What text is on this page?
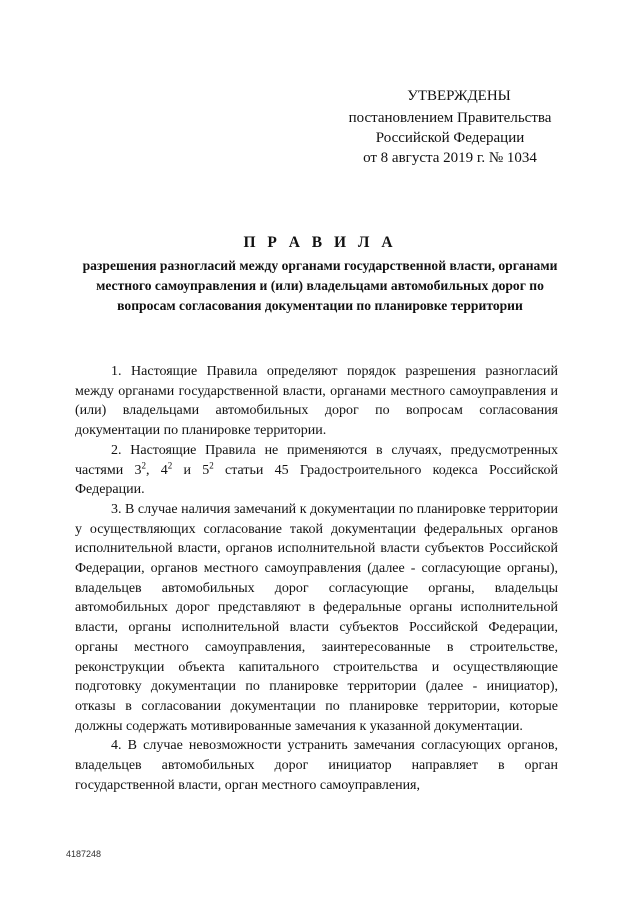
УТВЕРЖДЕНЫ
постановлением Правительства
Российской Федерации
от 8 августа 2019 г. № 1034
П Р А В И Л А
разрешения разногласий между органами государственной власти, органами местного самоуправления и (или) владельцами автомобильных дорог по вопросам согласования документации по планировке территории

1. Настоящие Правила определяют порядок разрешения разногласий между органами государственной власти, органами местного самоуправления и (или) владельцами автомобильных дорог по вопросам согласования документации по планировке территории.

2. Настоящие Правила не применяются в случаях, предусмотренных частями $3^2$, $4^2$ и $5^2$ статьи 45 Градостроительного кодекса Российской Федерации.

3. В случае наличия замечаний к документации по планировке территории у осуществляющих согласование такой документации федеральных органов исполнительной власти, органов исполнительной власти субъектов Российской Федерации, органов местного самоуправления (далее - согласующие органы), владельцев автомобильных дорог согласующие органы, владельцы автомобильных дорог представляют в федеральные органы исполнительной власти, органы исполнительной власти субъектов Российской Федерации, органы местного самоуправления, заинтересованные в строительстве, реконструкции объекта капитального строительства и осуществляющие подготовку документации по планировке территории (далее - инициатор), отказы в согласовании документации по планировке территории, которые должны содержать мотивированные замечания к указанной документации.

4. В случае невозможности устранить замечания согласующих органов, владельцев автомобильных дорог инициатор направляет в орган государственной власти, орган местного самоуправления,

4187248
